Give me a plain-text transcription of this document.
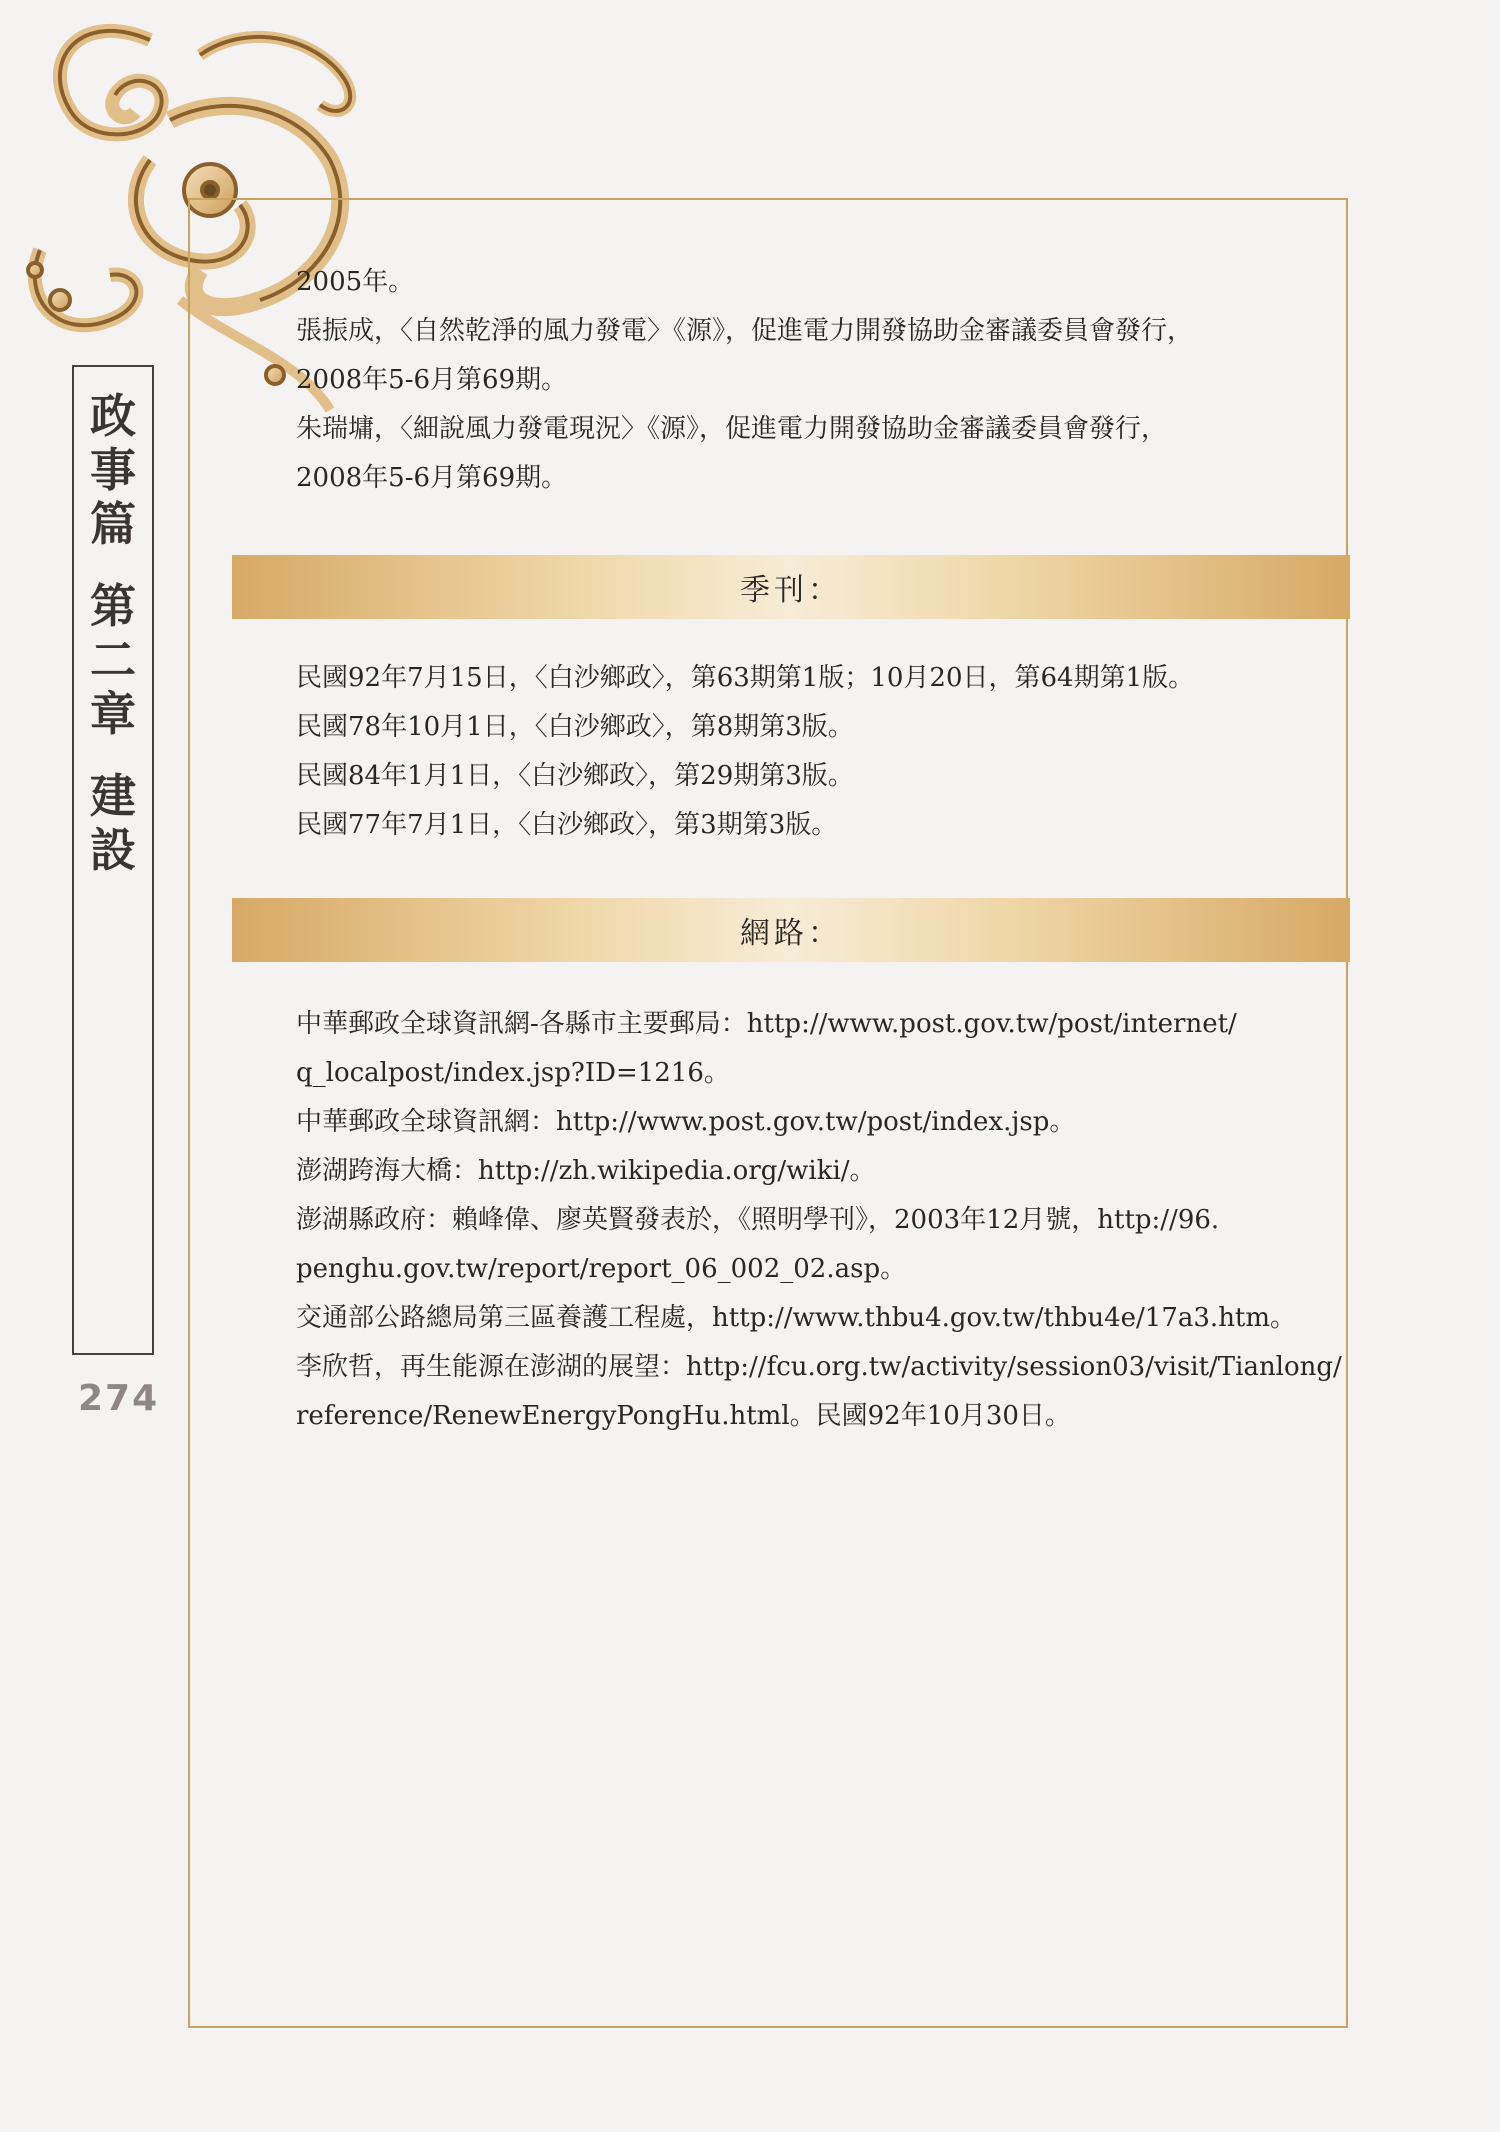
政
事
篇
第
二
章
建
設
274
2005年。
張振成，〈自然乾淨的風力發電〉《源》，促進電力開發協助金審議委員會發行，
2008年5-6月第69期。
朱瑞墉，〈細說風力發電現況〉《源》，促進電力開發協助金審議委員會發行，
2008年5-6月第69期。
季刊：
民國92年7月15日，〈白沙鄉政〉，第63期第1版；10月20日，第64期第1版。
民國78年10月1日，〈白沙鄉政〉，第8期第3版。
民國84年1月1日，〈白沙鄉政〉，第29期第3版。
民國77年7月1日，〈白沙鄉政〉，第3期第3版。
網路：
中華郵政全球資訊網-各縣市主要郵局：http://www.post.gov.tw/post/internet/
q_localpost/index.jsp?ID=1216。
中華郵政全球資訊網：http://www.post.gov.tw/post/index.jsp。
澎湖跨海大橋：http://zh.wikipedia.org/wiki/。
澎湖縣政府：賴峰偉、廖英賢發表於，《照明學刊》，2003年12月號，http://96.
penghu.gov.tw/report/report_06_002_02.asp。
交通部公路總局第三區養護工程處，http://www.thbu4.gov.tw/thbu4e/17a3.htm。
李欣哲，再生能源在澎湖的展望：http://fcu.org.tw/activity/session03/visit/Tianlong/
reference/RenewEnergyPongHu.html。民國92年10月30日。
